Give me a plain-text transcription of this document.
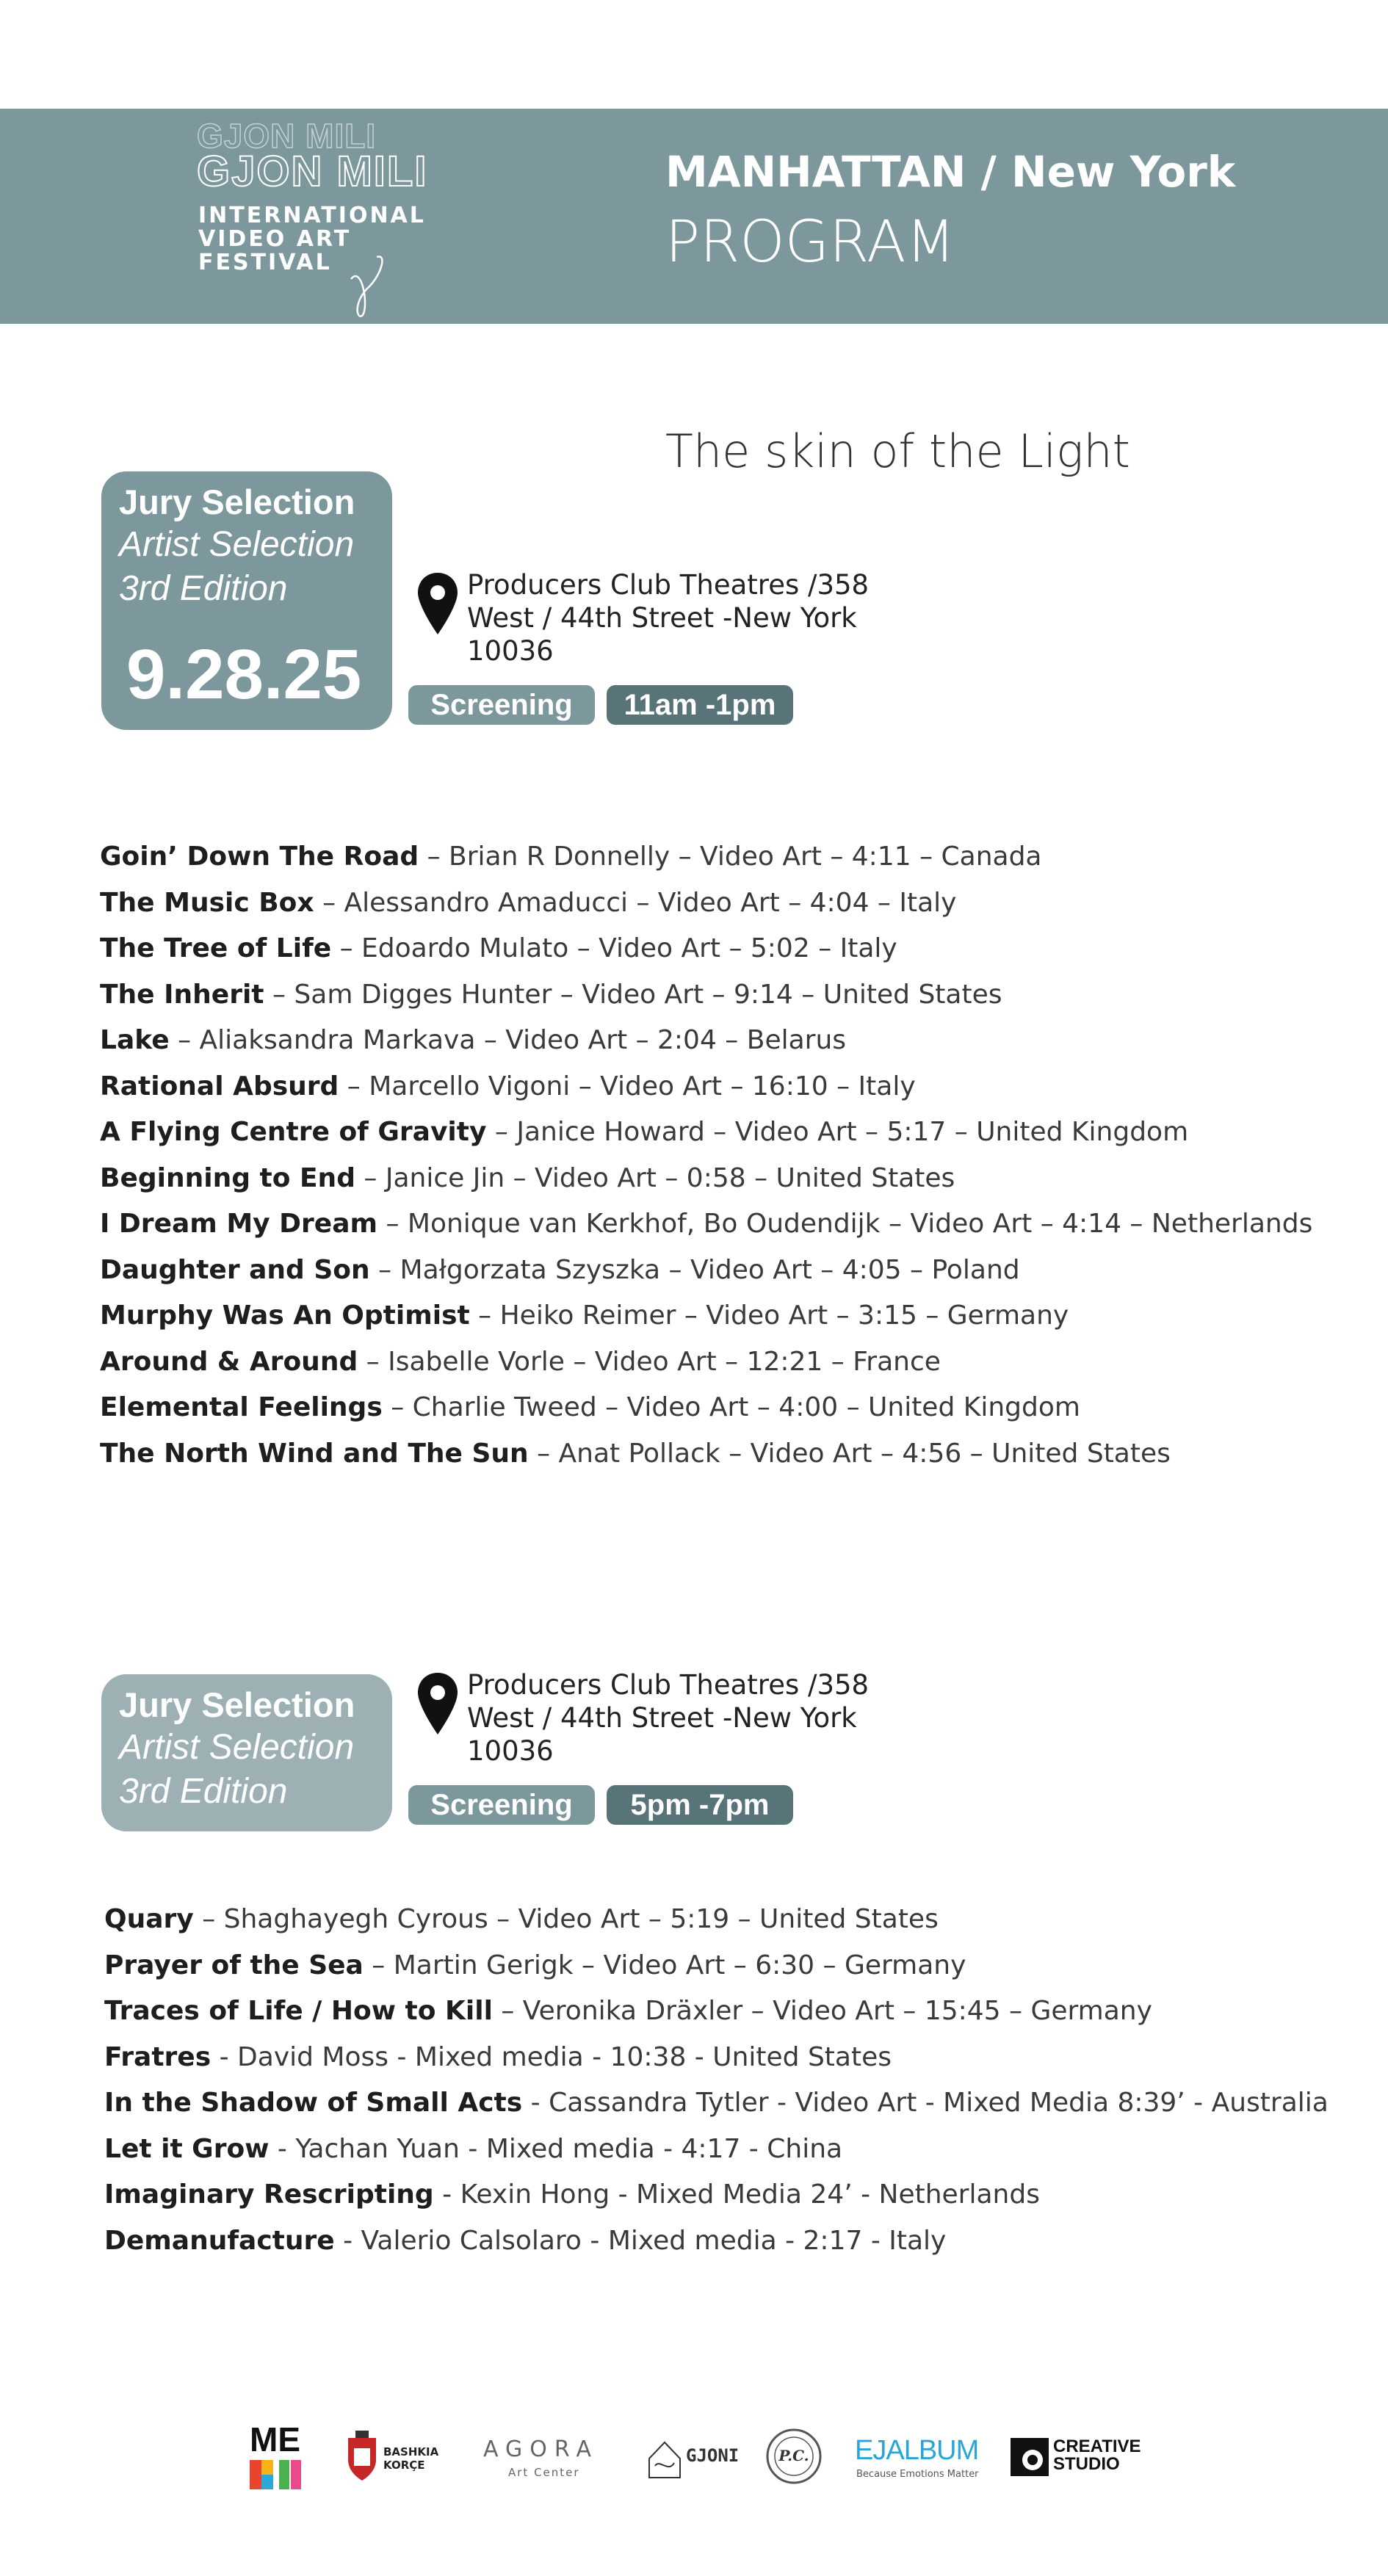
GJON MILI
GJON MILI
INTERNATIONAL
VIDEO ART
FESTIVAL
MANHATTAN / New York
PROGRAM
The skin of the Light
Jury Selection
Artist Selection
3rd Edition
9.28.25
Producers Club Theatres /358 West / 44th Street -New York 10036
Screening	11am -1pm
Goin’ Down The Road – Brian R Donnelly – Video Art – 4:11 – Canada
The Music Box – Alessandro Amaducci – Video Art – 4:04 – Italy
The Tree of Life – Edoardo Mulato – Video Art – 5:02 – Italy
The Inherit – Sam Digges Hunter – Video Art – 9:14 – United States
Lake – Aliaksandra Markava – Video Art – 2:04 – Belarus
Rational Absurd – Marcello Vigoni – Video Art – 16:10 – Italy
A Flying Centre of Gravity – Janice Howard – Video Art – 5:17 – United Kingdom
Beginning to End – Janice Jin – Video Art – 0:58 – United States
I Dream My Dream – Monique van Kerkhof, Bo Oudendijk – Video Art – 4:14 – Netherlands
Daughter and Son – Małgorzata Szyszka – Video Art – 4:05 – Poland
Murphy Was An Optimist – Heiko Reimer – Video Art – 3:15 – Germany
Around & Around – Isabelle Vorle – Video Art – 12:21 – France
Elemental Feelings – Charlie Tweed – Video Art – 4:00 – United Kingdom
The North Wind and The Sun – Anat Pollack – Video Art – 4:56 – United States
Jury Selection
Artist Selection
3rd Edition
Producers Club Theatres /358 West / 44th Street -New York 10036
Screening	5pm -7pm
Quary – Shaghayegh Cyrous – Video Art – 5:19 – United States
Prayer of the Sea – Martin Gerigk – Video Art – 6:30 – Germany
Traces of Life / How to Kill – Veronika Dräxler – Video Art – 15:45 – Germany
Fratres - David Moss - Mixed media - 10:38 - United States
In the Shadow of Small Acts - Cassandra Tytler - Video Art - Mixed Media 8:39’ - Australia
Let it Grow - Yachan Yuan - Mixed media - 4:17 - China
Imaginary Rescripting - Kexin Hong - Mixed Media 24’ - Netherlands
Demanufacture - Valerio Calsolaro - Mixed media - 2:17 - Italy
ME	BASHKIA
KORÇE
AGORA
Art Center
GJONI	P.C.	EJALBUM
Because Emotions Matter
CREATIVE
STUDIO
